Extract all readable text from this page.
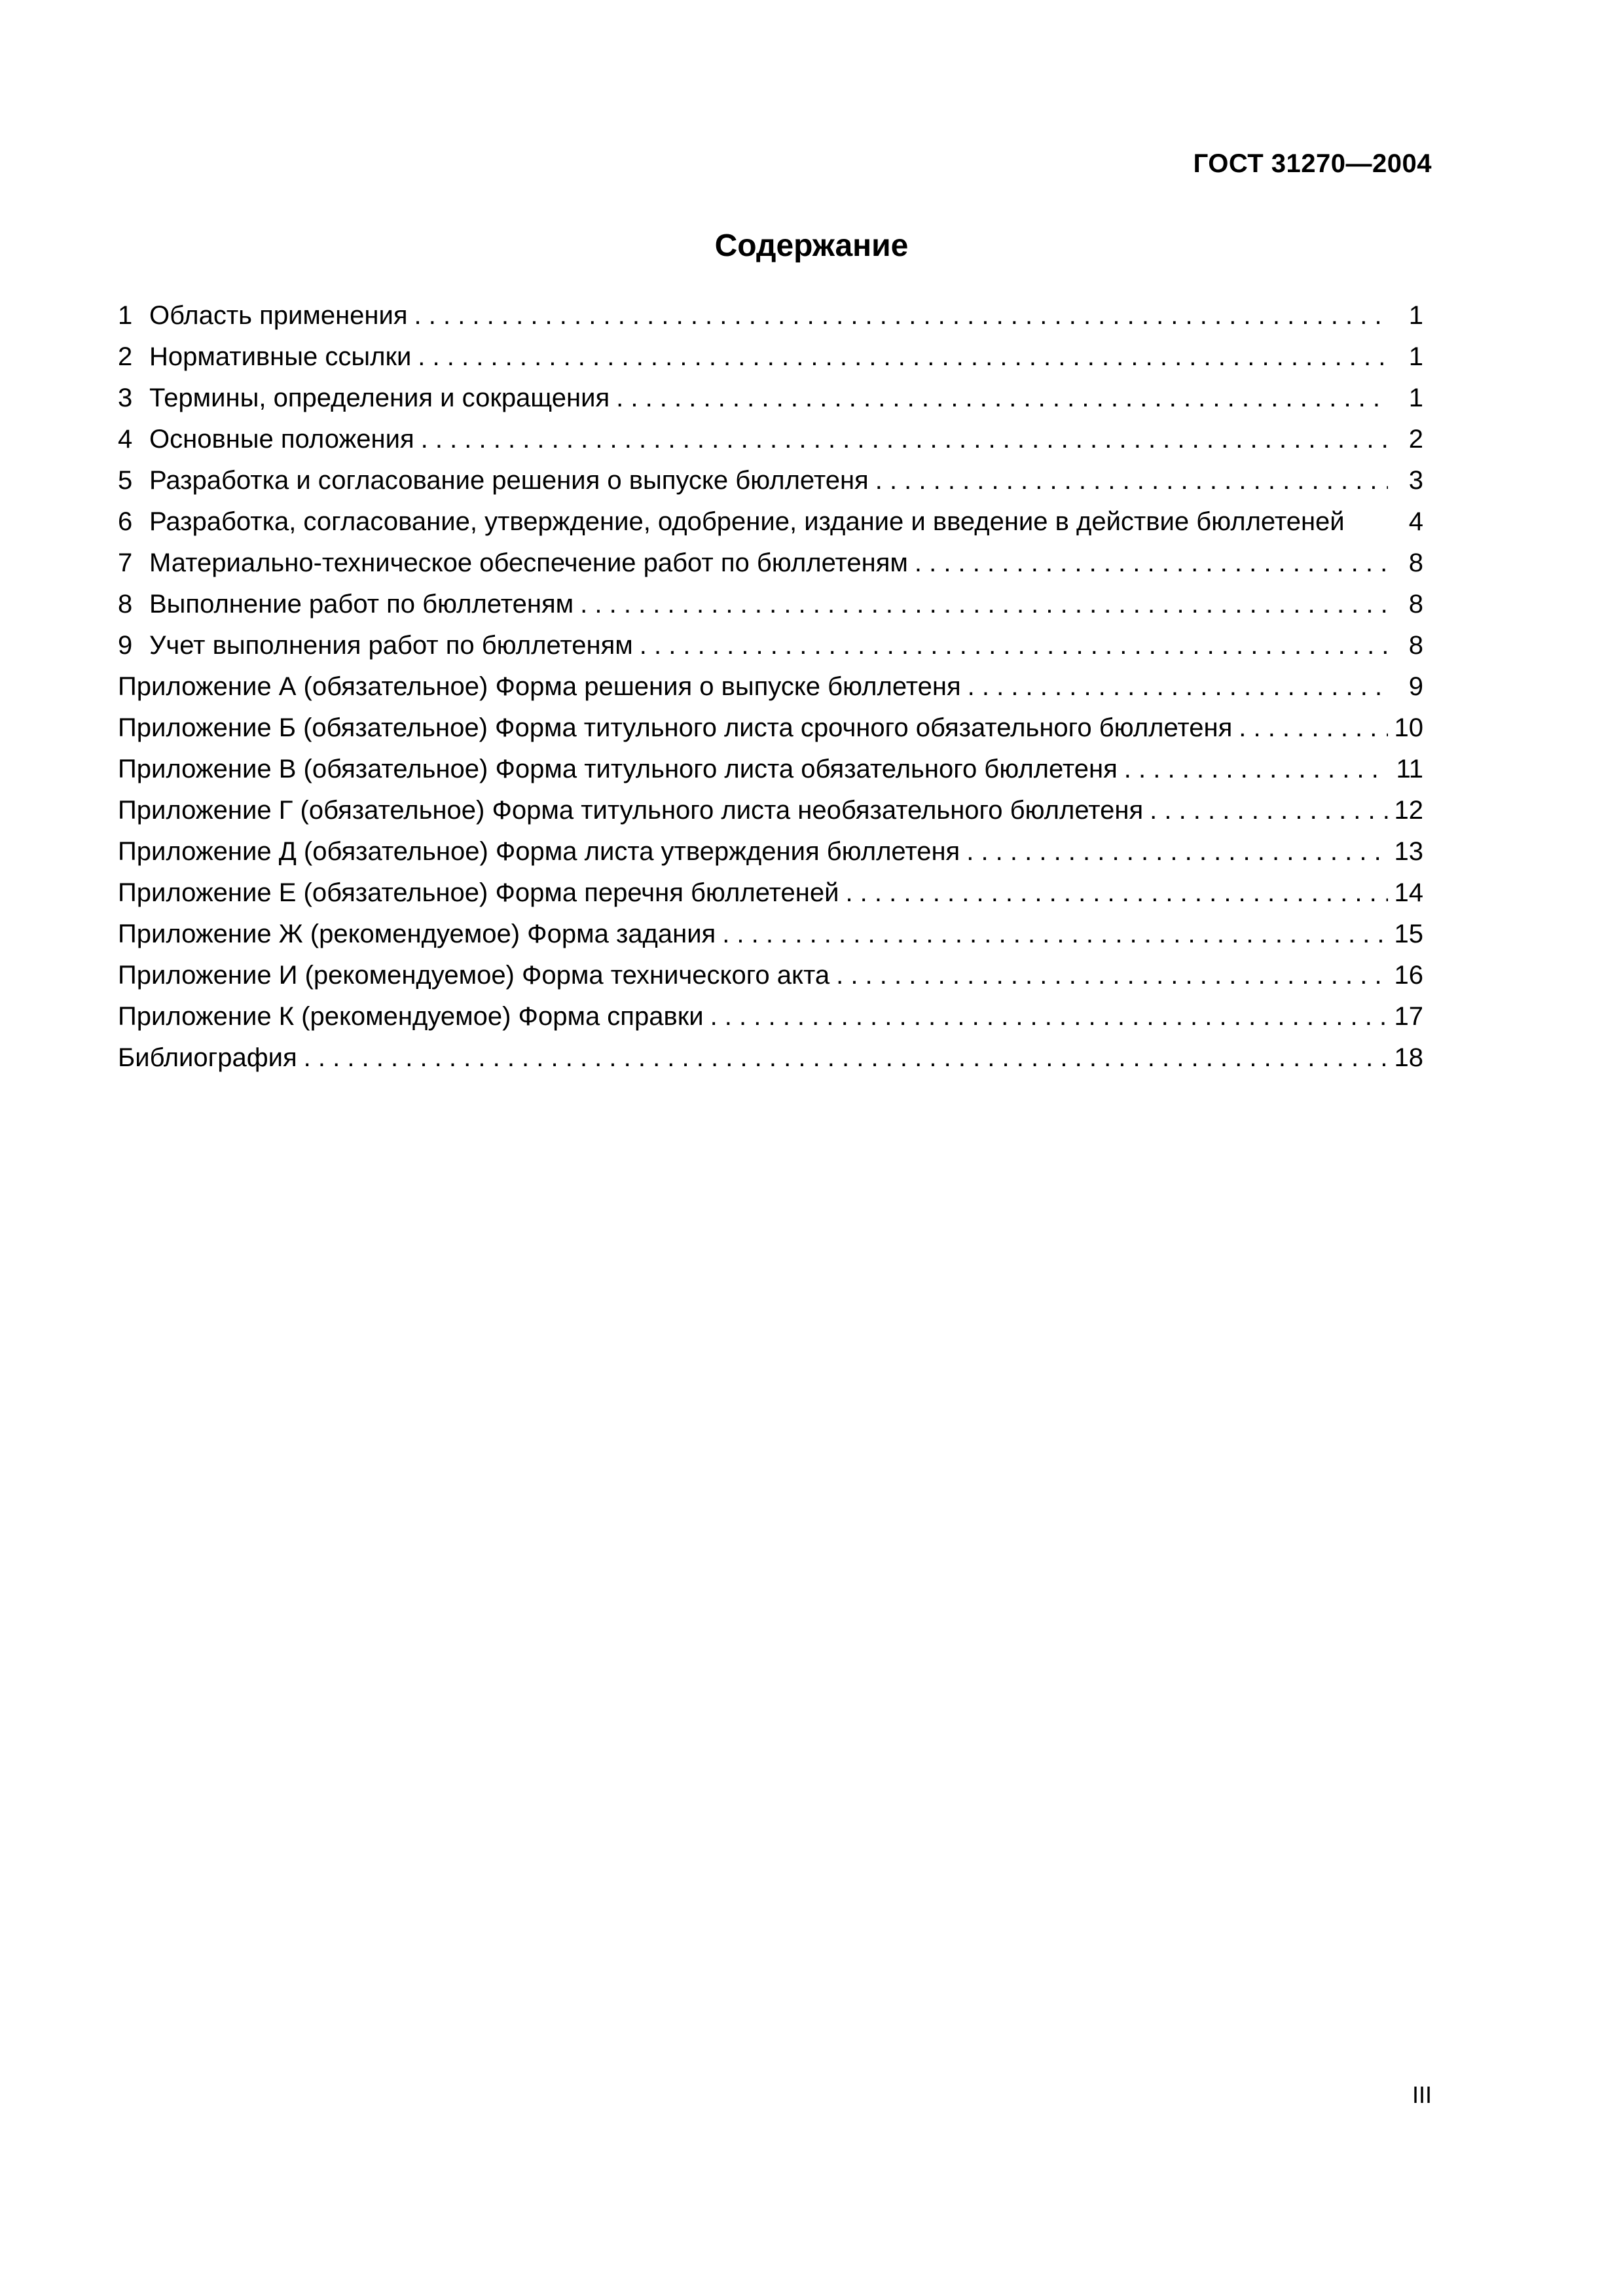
ГОСТ 31270—2004
Содержание
1 Область применения . . .	1
2 Нормативные ссылки . . .	1
3 Термины, определения и сокращения . . .	1
4 Основные положения . . .	2
5 Разработка и согласование решения о выпуске бюллетеня . . .	3
6 Разработка, согласование, утверждение, одобрение, издание и введение в действие бюллетеней	4
7 Материально-техническое обеспечение работ по бюллетеням . . .	8
8 Выполнение работ по бюллетеням . . .	8
9 Учет выполнения работ по бюллетеням . . .	8
Приложение А (обязательное) Форма решения о выпуске бюллетеня . . .	9
Приложение Б (обязательное) Форма титульного листа срочного обязательного бюллетеня . . .	10
Приложение В (обязательное) Форма титульного листа обязательного бюллетеня . . .	11
Приложение Г (обязательное) Форма титульного листа необязательного бюллетеня . . .	12
Приложение Д (обязательное) Форма листа утверждения бюллетеня . . .	13
Приложение Е (обязательное) Форма перечня бюллетеней . . .	14
Приложение Ж (рекомендуемое) Форма задания . . .	15
Приложение И (рекомендуемое) Форма технического акта . . .	16
Приложение К (рекомендуемое) Форма справки . . .	17
Библиография . . .	18
III
